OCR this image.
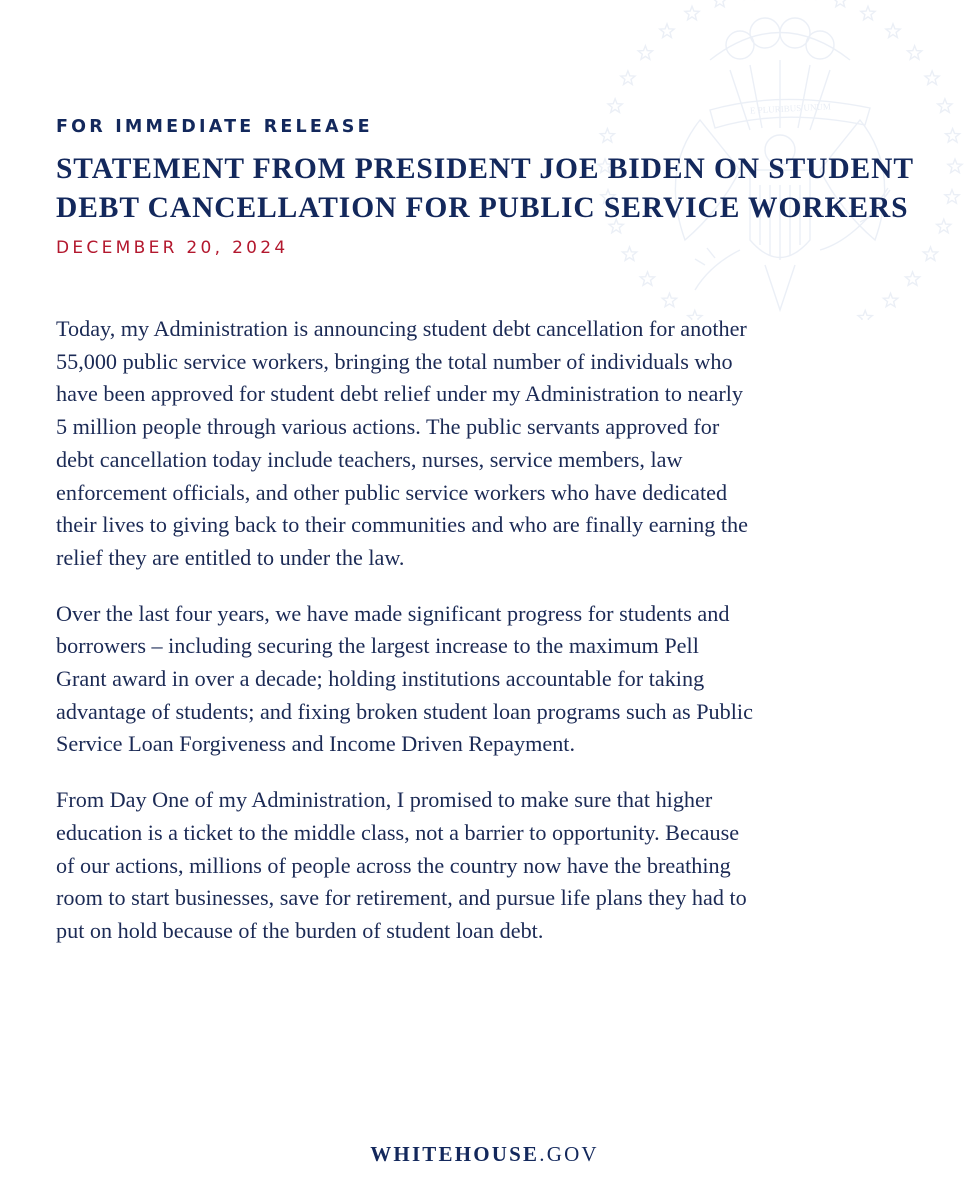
E PLURIBUS UNUM
FOR IMMEDIATE RELEASE
STATEMENT FROM PRESIDENT JOE BIDEN ON STUDENT
DEBT CANCELLATION FOR PUBLIC SERVICE WORKERS
DECEMBER 20, 2024

Today, my Administration is announcing student debt cancellation for another
55,000 public service workers, bringing the total number of individuals who
have been approved for student debt relief under my Administration to nearly
5 million people through various actions. The public servants approved for
debt cancellation today include teachers, nurses, service members, law
enforcement officials, and other public service workers who have dedicated
their lives to giving back to their communities and who are finally earning the
relief they are entitled to under the law.

Over the last four years, we have made significant progress for students and
borrowers – including securing the largest increase to the maximum Pell
Grant award in over a decade; holding institutions accountable for taking
advantage of students; and fixing broken student loan programs such as Public
Service Loan Forgiveness and Income Driven Repayment.

From Day One of my Administration, I promised to make sure that higher
education is a ticket to the middle class, not a barrier to opportunity. Because
of our actions, millions of people across the country now have the breathing
room to start businesses, save for retirement, and pursue life plans they had to
put on hold because of the burden of student loan debt.

WHITEHOUSE.GOV
